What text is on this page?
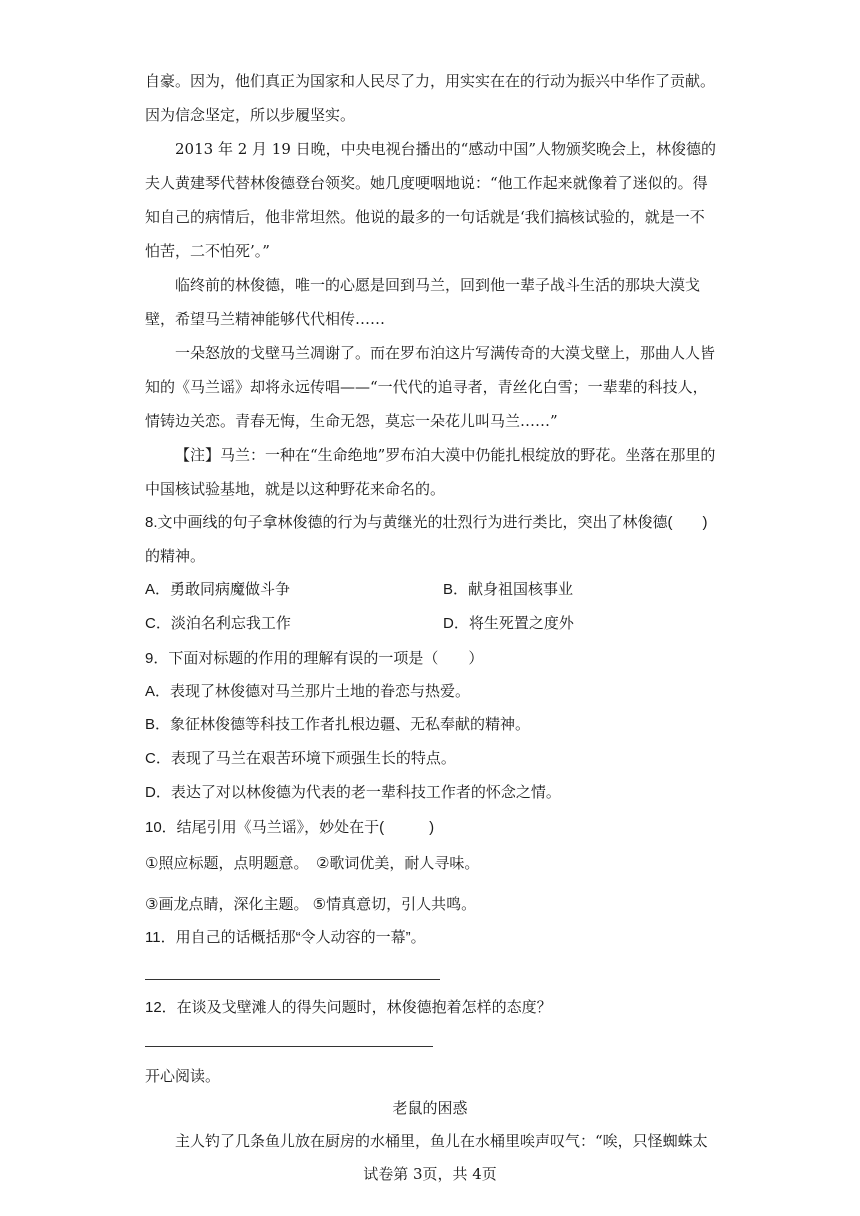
自豪。因为，他们真正为国家和人民尽了力，用实实在在的行动为振兴中华作了贡献。因为信念坚定，所以步履坚实。

2013 年 2 月 19 日晚，中央电视台播出的“感动中国”人物颁奖晚会上，林俊德的夫人黄建琴代替林俊德登台领奖。她几度哽咽地说：“他工作起来就像着了迷似的。得知自己的病情后，他非常坦然。他说的最多的一句话就是‘我们搞核试验的，就是一不怕苦，二不怕死’。”

临终前的林俊德，唯一的心愿是回到马兰，回到他一辈子战斗生活的那块大漠戈壁，希望马兰精神能够代代相传……

一朵怒放的戈壁马兰凋谢了。而在罗布泊这片写满传奇的大漠戈壁上，那曲人人皆知的《马兰谣》却将永远传唱——“一代代的追寻者，青丝化白雪；一辈辈的科技人，情铸边关恋。青春无悔，生命无怨，莫忘一朵花儿叫马兰……”

【注】马兰：一种在“生命绝地”罗布泊大漠中仍能扎根绽放的野花。坐落在那里的中国核试验基地，就是以这种野花来命名的。

8.文中画线的句子拿林俊德的行为与黄继光的壮烈行为进行类比，突出了林俊德(　　)

的精神。

A．勇敢同病魔做斗争	B．献身祖国核事业
C．淡泊名利忘我工作	D．将生死置之度外

9．下面对标题的作用的理解有误的一项是（　　）

A．表现了林俊德对马兰那片土地的眷恋与热爱。
B．象征林俊德等科技工作者扎根边疆、无私奉献的精神。
C．表现了马兰在艰苦环境下顽强生长的特点。
D．表达了对以林俊德为代表的老一辈科技工作者的怀念之情。

10．结尾引用《马兰谣》，妙处在于(　　　)

①照应标题，点明题意。　②歌词优美，耐人寻味。
③画龙点睛，深化主题。 ⑤情真意切，引人共鸣。

11．用自己的话概括那“令人动容的一幕”。

12．在谈及戈壁滩人的得失问题时，林俊德抱着怎样的态度？

开心阅读。

老鼠的困惑

主人钓了几条鱼儿放在厨房的水桶里，鱼儿在水桶里唉声叹气：“唉，只怪蜘蛛太

试卷第 3页，共 4页
